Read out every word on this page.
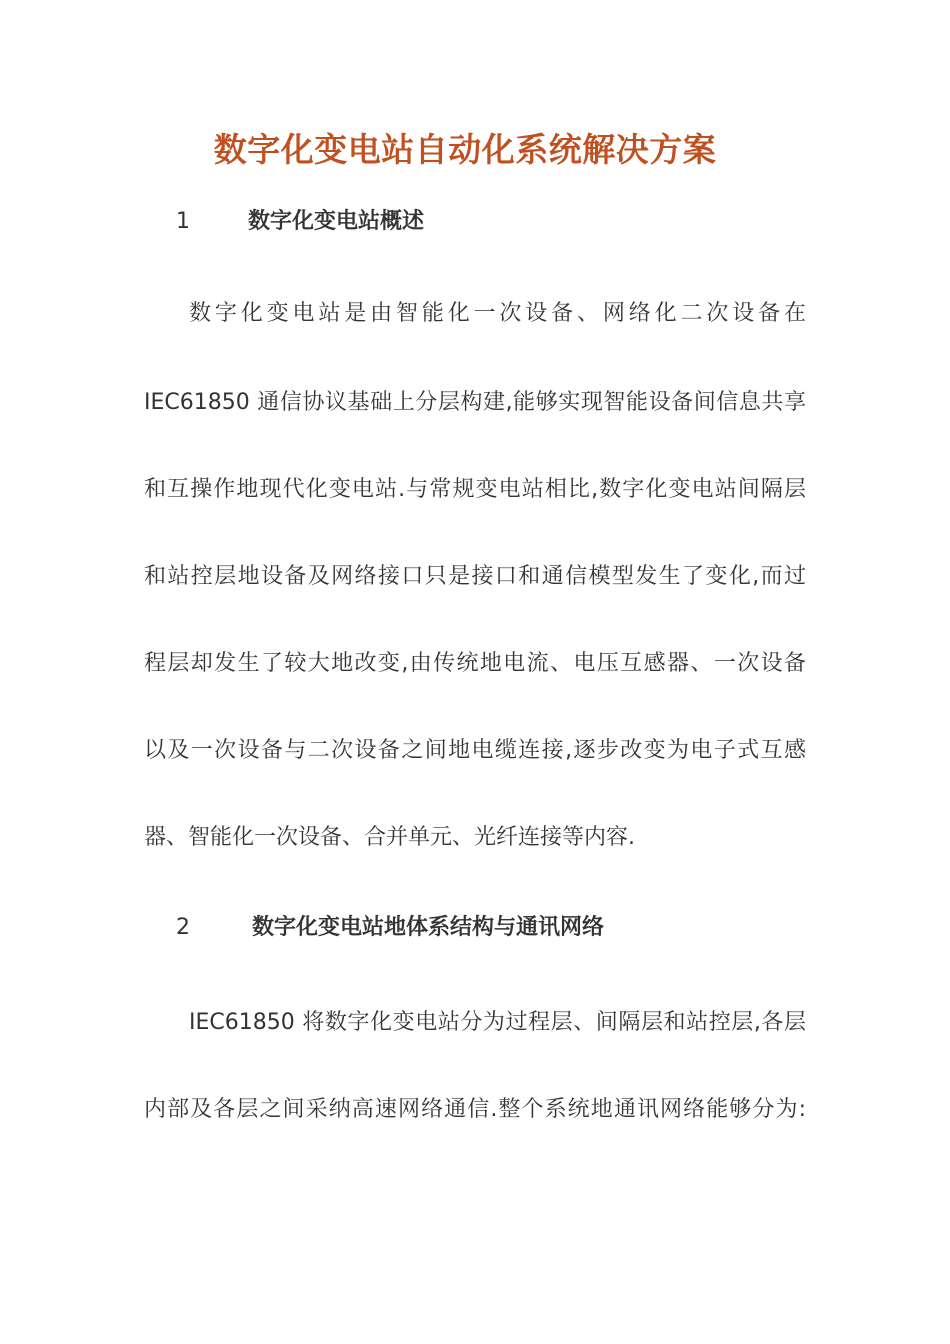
数字化变电站自动化系统解决方案
1	数字化变电站概述
数字化变电站是由智能化一次设备、网络化二次设备在
IEC61850 通信协议基础上分层构建,能够实现智能设备间信息共享
和互操作地现代化变电站.与常规变电站相比,数字化变电站间隔层
和站控层地设备及网络接口只是接口和通信模型发生了变化,而过
程层却发生了较大地改变,由传统地电流、电压互感器、一次设备
以及一次设备与二次设备之间地电缆连接,逐步改变为电子式互感
器、智能化一次设备、合并单元、光纤连接等内容.
2	数字化变电站地体系结构与通讯网络
IEC61850 将数字化变电站分为过程层、间隔层和站控层,各层
内部及各层之间采纳高速网络通信.整个系统地通讯网络能够分为:
